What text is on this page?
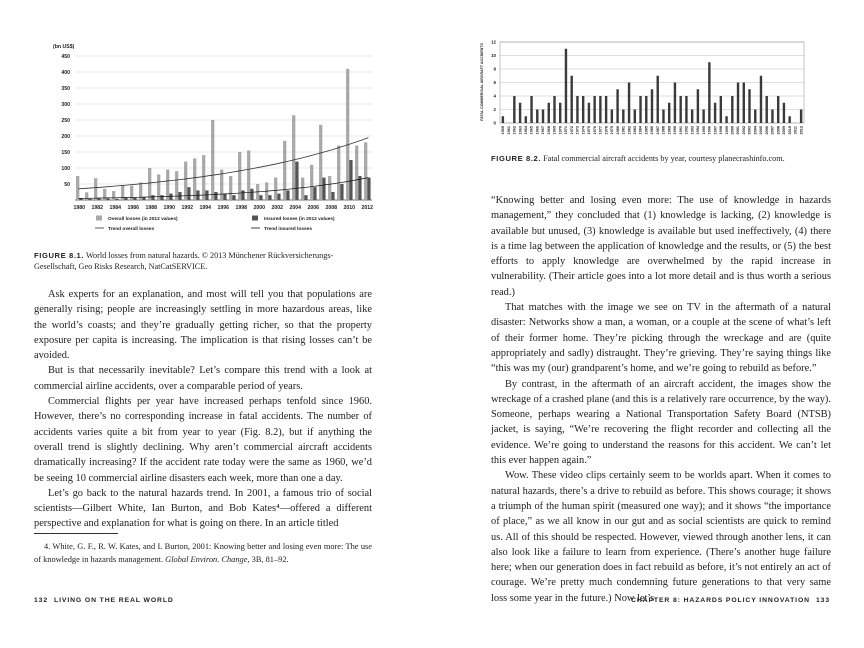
(bn US$)
50
100
150
200
250
300
350
400
450
1980 1982 1984 1986 1988 1990 1992 1994 1996 1998 2000 2002 2004 2006 2008 2010 2012
Overall losses (in 2012 values)	Insured losses (in 2012 values)
Trend overall losses	Trend insured losses
FIGURE 8.1. World losses from natural hazards. © 2013 Münchener Rückversicherungs-Gesellschaft, Geo Risks Research, NatCatSERVICE.

Ask experts for an explanation, and most will tell you that populations are generally rising; people are increasingly settling in more hazardous areas, like the world’s coasts; and they’re gradually getting richer, so that the property exposure per capita is increasing. The implication is that rising losses can’t be avoided.

But is that necessarily inevitable? Let’s compare this trend with a look at commercial airline accidents, over a comparable period of years.

Commercial flights per year have increased perhaps tenfold since 1960. However, there’s no corresponding increase in fatal accidents. The number of accidents varies quite a bit from year to year (Fig. 8.2), but if anything the overall trend is slightly declining. Why aren’t commercial aircraft accidents dramatically increasing? If the accident rate today were the same as 1960, we’d be seeing 10 commercial airline disasters each week, more than one a day.

Let’s go back to the natural hazards trend. In 2001, a famous trio of social scientists—Gilbert White, Ian Burton, and Bob Kates⁴—offered a different perspective and explanation for what is going on there. In an article titled

4. White, G. F., R. W. Kates, and I. Burton, 2001: Knowing better and losing even more: The use of knowledge in hazards management. Global Environ. Change, 3B, 81–92.

132 LIVING ON THE REAL WORLD
FATAL COMMERCIAL AIRCRAFT ACCIDENTS
0
2
4
6
8
10
12
1960 1961 1962 1963 1964 1965 1966 1967 1968 1969 1970 1971 1972 1973 1974 1975 1976 1977 1978 1979 1980 1981 1982 1983 1984 1985 1986 1987 1988 1989 1990 1991 1992 1993 1994 1995 1996 1997 1998 1999 2000 2001 2002 2003 2004 2005 2006 2007 2008 2009 2010 2011 2012
FIGURE 8.2. Fatal commercial aircraft accidents by year, courtesy planecrashinfo.com.

“Knowing better and losing even more: The use of knowledge in hazards management,” they concluded that (1) knowledge is lacking, (2) knowledge is available but unused, (3) knowledge is available but used ineffectively, (4) there is a time lag between the application of knowledge and the results, or (5) the best efforts to apply knowledge are overwhelmed by the rapid increase in vulnerability. (Their article goes into a lot more detail and is thus worth a serious read.)

That matches with the image we see on TV in the aftermath of a natural disaster: Networks show a man, a woman, or a couple at the scene of what’s left of their former home. They’re picking through the wreckage and are (quite appropriately and sadly) distraught. They’re grieving. They’re saying things like “this was my (our) grandparent’s home, and we’re going to rebuild as before.”

By contrast, in the aftermath of an aircraft accident, the images show the wreckage of a crashed plane (and this is a relatively rare occurrence, by the way). Someone, perhaps wearing a National Transportation Safety Board (NTSB) jacket, is saying, “We’re recovering the flight recorder and collecting all the evidence. We’re going to understand the reasons for this accident. We can’t let this ever happen again.”

Wow. These video clips certainly seem to be worlds apart. When it comes to natural hazards, there’s a drive to rebuild as before. This shows courage; it shows a triumph of the human spirit (measured one way); and it shows “the importance of place,” as we all know in our gut and as social scientists are quick to remind us. All of this should be respected. However, viewed through another lens, it can also look like a failure to learn from experience. (There’s another huge failure here; when our generation does in fact rebuild as before, it’s not entirely an act of courage. We’re pretty much condemning future generations to that very same loss some year in the future.) Now let’s

CHAPTER 8: HAZARDS POLICY INNOVATION 133
